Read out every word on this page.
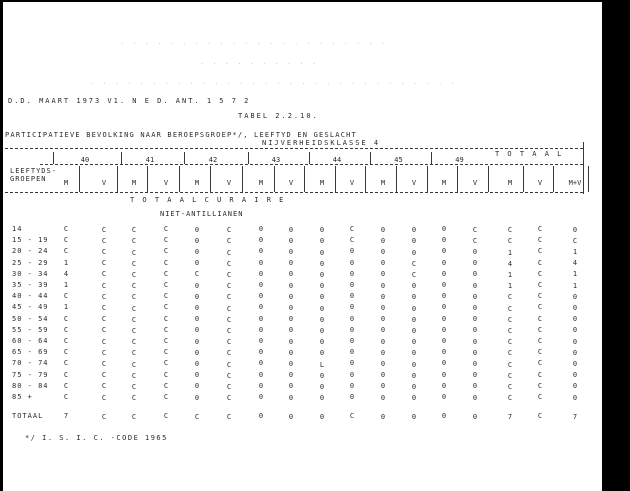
· · · · · · · · · · · · · · · · · · · · · ·
· · · · · · · · · ·
· · · · · · · · · · · · · · · · · · · · · · · · · · · · · ·
D.D. MAART 1973 V1. N E D. ANT. 1 5 7 2
TABEL 2.2.10.
PARTICIPATIEVE BEVOLKING NAAR BEROEPSGROEP*/, LEEFTYD EN GESLACHT
NIJVERHEIDSKLASSE 4
LEEFTYDS-
GROEPEN
T O T A A L
40	41	42	43	44	45	49
M	V	M	V	M	V	M	V	M	V	M	V	M	V	M	V	M+V
T O T A A L C U R A I R E
NIET-ANTILLIANEN
14	C	C	C	C	0	C	0	0	0	C	0	0	0	C	C	C	0
15 - 19	C	C	C	C	0	C	0	0	0	C	0	0	0	C	C	C	C
20 - 24	C	C	C	C	0	C	0	0	0	0	0	0	0	0	1	C	1
25 - 29	1	C	C	C	0	C	0	0	0	0	0	C	0	0	4	C	4
30 - 34	4	C	C	C	C	C	0	0	0	0	0	C	0	0	1	C	1
35 - 39	1	C	C	C	0	C	0	0	0	0	0	0	0	0	1	C	1
40 - 44	C	C	C	C	0	C	0	0	0	0	0	0	0	0	C	C	0
45 - 49	1	C	C	C	0	C	0	0	0	0	0	0	0	0	C	C	0
50 - 54	C	C	C	C	0	C	0	0	0	0	0	0	0	0	C	C	0
55 - 59	C	C	C	C	0	C	0	0	0	0	0	0	0	0	C	C	0
60 - 64	C	C	C	C	0	C	0	0	0	0	0	0	0	0	C	C	0
65 - 69	C	C	C	C	0	C	0	0	0	0	0	0	0	0	C	C	0
70 - 74	C	C	C	C	0	C	0	0	L	0	0	0	0	0	C	C	0
75 - 79	C	C	C	C	0	C	0	0	0	0	0	0	0	0	C	C	0
80 - 84	C	C	C	C	0	C	0	0	0	0	0	0	0	0	C	C	0
85 +	C	C	C	C	0	C	0	0	0	0	0	0	0	0	C	C	0
TOTAAL	7	C	C	C	C	C	0	0	0	C	0	0	0	0	7	C	7
*/ I. S. I. C. -CODE 1965
